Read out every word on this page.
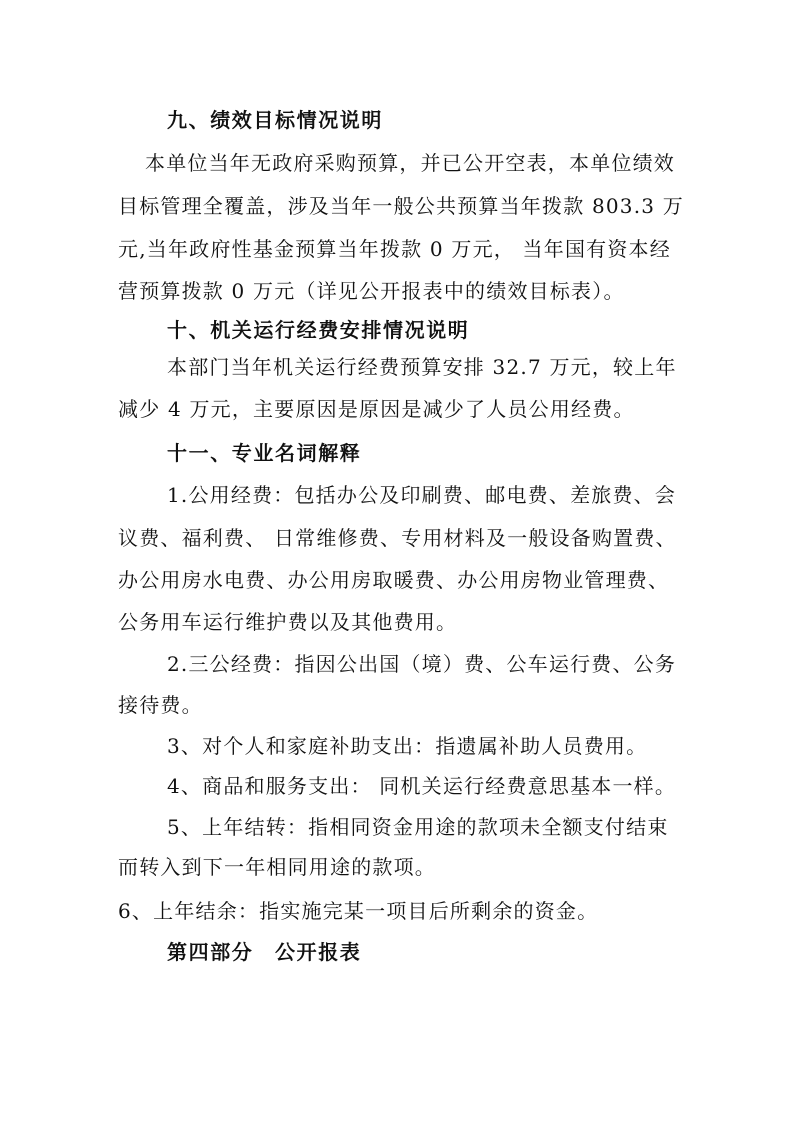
九、绩效目标情况说明
本单位当年无政府采购预算，并已公开空表，本单位绩效
目标管理全覆盖，涉及当年一般公共预算当年拨款 803.3 万
元,当年政府性基金预算当年拨款 0 万元， 当年国有资本经
营预算拨款 0 万元（详见公开报表中的绩效目标表）。
十、机关运行经费安排情况说明
本部门当年机关运行经费预算安排 32.7 万元，较上年
减少 4 万元，主要原因是原因是减少了人员公用经费。
十一、专业名词解释
1.公用经费：包括办公及印刷费、邮电费、差旅费、会
议费、福利费、 日常维修费、专用材料及一般设备购置费、
办公用房水电费、办公用房取暖费、办公用房物业管理费、
公务用车运行维护费以及其他费用。
2.三公经费：指因公出国（境）费、公车运行费、公务
接待费。
3、对个人和家庭补助支出：指遗属补助人员费用。
4、商品和服务支出： 同机关运行经费意思基本一样。
5、上年结转：指相同资金用途的款项未全额支付结束
而转入到下一年相同用途的款项。
6、上年结余：指实施完某一项目后所剩余的资金。
第四部分　公开报表
